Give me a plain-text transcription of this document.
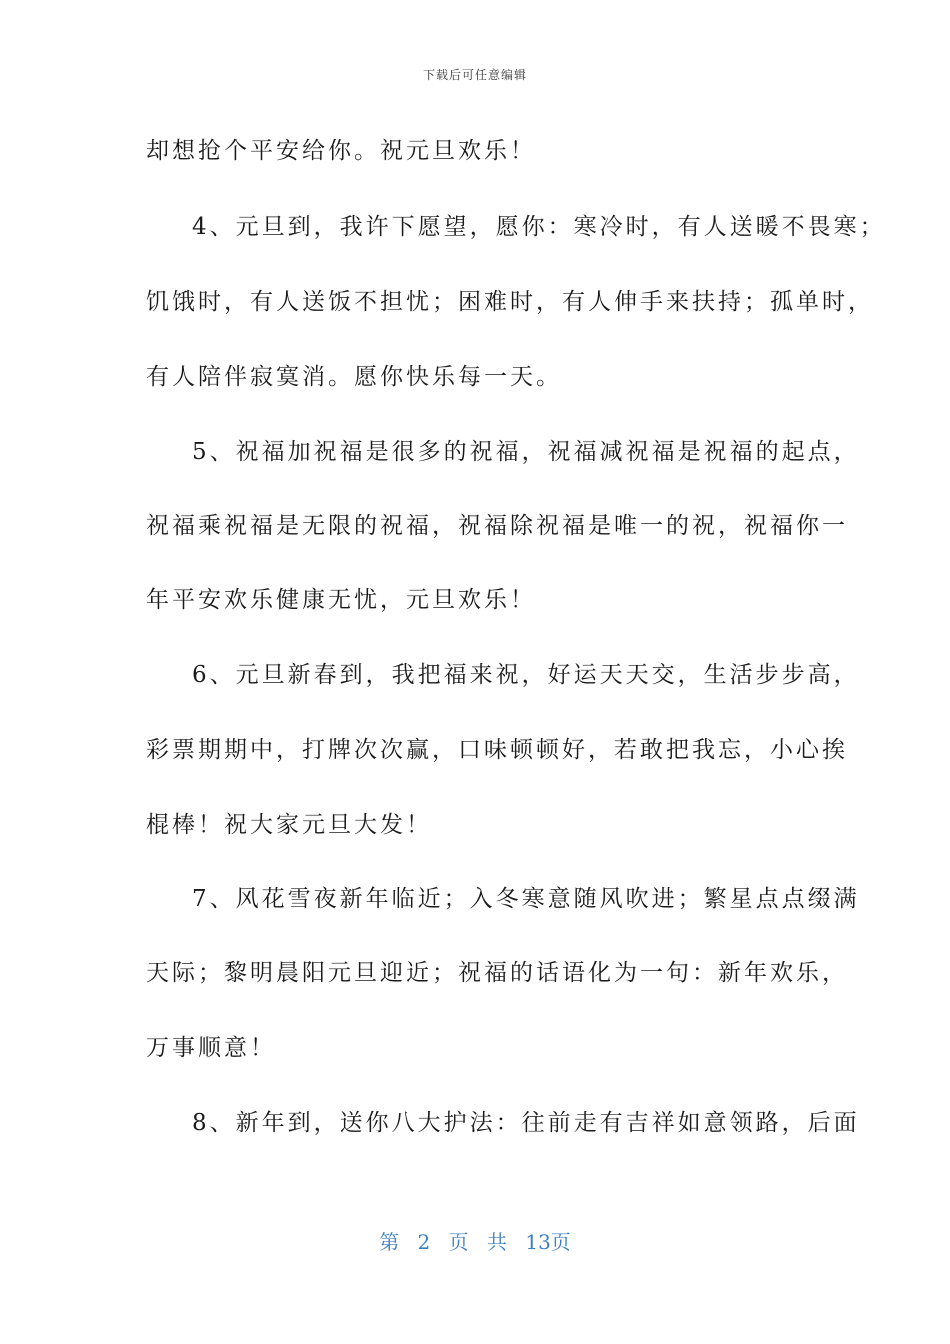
下载后可任意编辑
却想抢个平安给你。祝元旦欢乐！
4、元旦到，我许下愿望，愿你：寒冷时，有人送暖不畏寒；
饥饿时，有人送饭不担忧；困难时，有人伸手来扶持；孤单时，
有人陪伴寂寞消。愿你快乐每一天。
5、祝福加祝福是很多的祝福，祝福减祝福是祝福的起点，
祝福乘祝福是无限的祝福，祝福除祝福是唯一的祝，祝福你一
年平安欢乐健康无忧，元旦欢乐！
6、元旦新春到，我把福来祝，好运天天交，生活步步高，
彩票期期中，打牌次次赢，口味顿顿好，若敢把我忘，小心挨
棍棒！祝大家元旦大发！
7、风花雪夜新年临近；入冬寒意随风吹进；繁星点点缀满
天际；黎明晨阳元旦迎近；祝福的话语化为一句：新年欢乐，
万事顺意！
8、新年到，送你八大护法：往前走有吉祥如意领路，后面
第 2 页 共 13页
